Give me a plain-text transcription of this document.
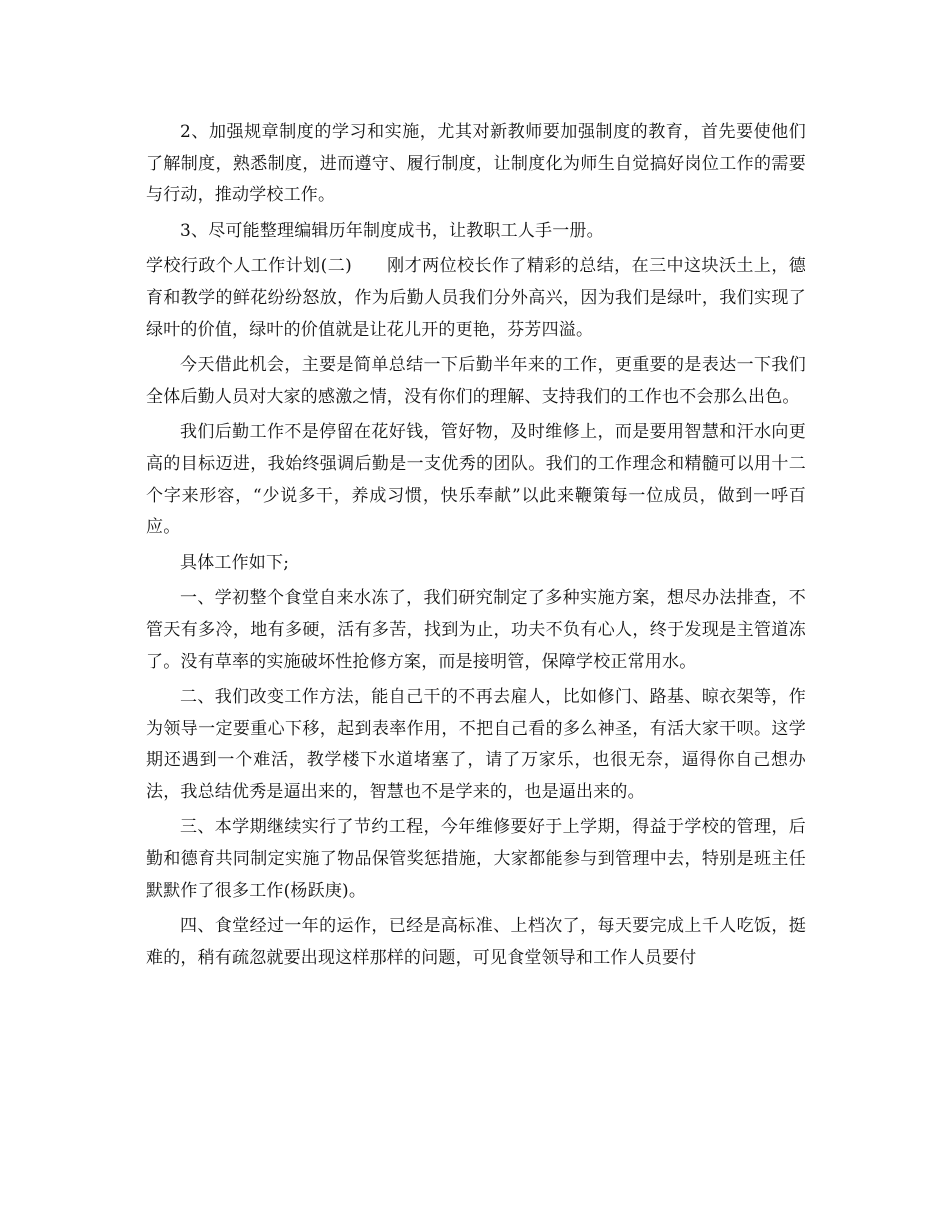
2、加强规章制度的学习和实施，尤其对新教师要加强制度的教育，首先要使他们了解制度，熟悉制度，进而遵守、履行制度，让制度化为师生自觉搞好岗位工作的需要与行动，推动学校工作。

3、尽可能整理编辑历年制度成书，让教职工人手一册。

学校行政个人工作计划(二)　　刚才两位校长作了精彩的总结，在三中这块沃土上，德育和教学的鲜花纷纷怒放，作为后勤人员我们分外高兴，因为我们是绿叶，我们实现了绿叶的价值，绿叶的价值就是让花儿开的更艳，芬芳四溢。

今天借此机会，主要是简单总结一下后勤半年来的工作，更重要的是表达一下我们全体后勤人员对大家的感激之情，没有你们的理解、支持我们的工作也不会那么出色。

我们后勤工作不是停留在花好钱，管好物，及时维修上，而是要用智慧和汗水向更高的目标迈进，我始终强调后勤是一支优秀的团队。我们的工作理念和精髓可以用十二个字来形容，“少说多干，养成习惯，快乐奉献”以此来鞭策每一位成员，做到一呼百应。

具体工作如下;

一、学初整个食堂自来水冻了，我们研究制定了多种实施方案，想尽办法排查，不管天有多冷，地有多硬，活有多苦，找到为止，功夫不负有心人，终于发现是主管道冻了。没有草率的实施破坏性抢修方案，而是接明管，保障学校正常用水。

二、我们改变工作方法，能自己干的不再去雇人，比如修门、路基、晾衣架等，作为领导一定要重心下移，起到表率作用，不把自己看的多么神圣，有活大家干呗。这学期还遇到一个难活，教学楼下水道堵塞了，请了万家乐，也很无奈，逼得你自己想办法，我总结优秀是逼出来的，智慧也不是学来的，也是逼出来的。

三、本学期继续实行了节约工程，今年维修要好于上学期，得益于学校的管理，后勤和德育共同制定实施了物品保管奖惩措施，大家都能参与到管理中去，特别是班主任默默作了很多工作(杨跃庚)。

四、食堂经过一年的运作，已经是高标准、上档次了，每天要完成上千人吃饭，挺难的，稍有疏忽就要出现这样那样的问题，可见食堂领导和工作人员要付
